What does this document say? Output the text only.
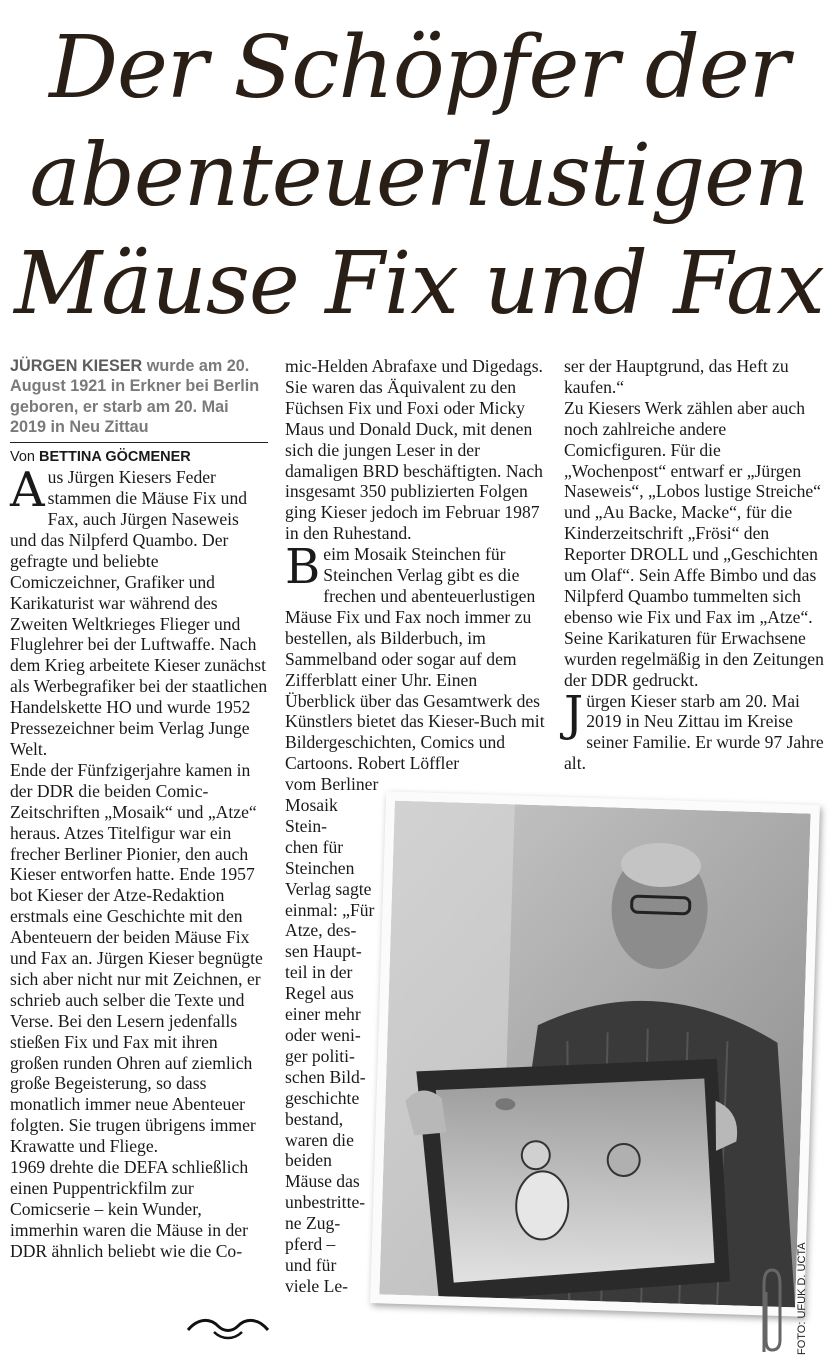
Der Schöpfer der
abenteuerlustigen
Mäuse Fix und Fax

JÜRGEN KIESER wurde am 20. August 1921 in Erkner bei Berlin geboren, er starb am 20. Mai 2019 in Neu Zittau

Von BETTINA GÖCMENER

Aus Jürgen Kiesers Feder stammen die Mäuse Fix und Fax, auch Jürgen Naseweis und das Nilpferd Quambo. Der gefragte und beliebte Comiczeichner, Grafiker und Karikaturist war während des Zweiten Weltkrieges Flieger und Fluglehrer bei der Luftwaffe. Nach dem Krieg arbeitete Kieser zunächst als Werbegrafiker bei der staatlichen Handelskette HO und wurde 1952 Pressezeichner beim Verlag Junge Welt.

Ende der Fünfzigerjahre kamen in der DDR die beiden Comic-Zeitschriften „Mosaik“ und „Atze“ heraus. Atzes Titelfigur war ein frecher Berliner Pionier, den auch Kieser entworfen hatte. Ende 1957 bot Kieser der Atze-Redaktion erstmals eine Geschichte mit den Abenteuern der beiden Mäuse Fix und Fax an. Jürgen Kieser begnügte sich aber nicht nur mit Zeichnen, er schrieb auch selber die Texte und Verse. Bei den Lesern jedenfalls stießen Fix und Fax mit ihren großen runden Ohren auf ziemlich große Begeisterung, so dass monatlich immer neue Abenteuer folgten. Sie trugen übrigens immer Krawatte und Fliege.

1969 drehte die DEFA schließlich einen Puppentrickfilm zur Comicserie – kein Wunder, immerhin waren die Mäuse in der DDR ähnlich beliebt wie die Co-

mic-Helden Abrafaxe und Digedags. Sie waren das Äquivalent zu den Füchsen Fix und Foxi oder Micky Maus und Donald Duck, mit denen sich die jungen Leser in der damaligen BRD beschäftigten. Nach insgesamt 350 publizierten Folgen ging Kieser jedoch im Februar 1987 in den Ruhestand.

Beim Mosaik Steinchen für Steinchen Verlag gibt es die frechen und abenteuerlustigen Mäuse Fix und Fax noch immer zu bestellen, als Bilderbuch, im Sammelband oder sogar auf dem Zifferblatt einer Uhr. Einen Überblick über das Gesamtwerk des Künstlers bietet das Kieser-Buch mit Bildergeschichten, Comics und Cartoons. Robert Löffler

vom Berliner
Mosaik Stein-
chen für
Steinchen
Verlag sagte
einmal: „Für
Atze, des-
sen Haupt-
teil in der
Regel aus
einer mehr
oder weni-
ger politi-
schen Bild-
geschichte
bestand,
waren die
beiden
Mäuse das
unbestritte-
ne Zug-
pferd –
und für
viele Le-

ser der Hauptgrund, das Heft zu kaufen.“

Zu Kiesers Werk zählen aber auch noch zahlreiche andere Comicfiguren. Für die „Wochenpost“ entwarf er „Jürgen Naseweis“, „Lobos lustige Streiche“ und „Au Backe, Macke“, für die Kinderzeitschrift „Frösi“ den Reporter DROLL und „Geschichten um Olaf“. Sein Affe Bimbo und das Nilpferd Quambo tummelten sich ebenso wie Fix und Fax im „Atze“. Seine Karikaturen für Erwachsene wurden regelmäßig in den Zeitungen der DDR gedruckt.

Jürgen Kieser starb am 20. Mai 2019 in Neu Zittau im Kreise seiner Familie. Er wurde 97 Jahre alt.

FOTO: UFUK D. UCTA
